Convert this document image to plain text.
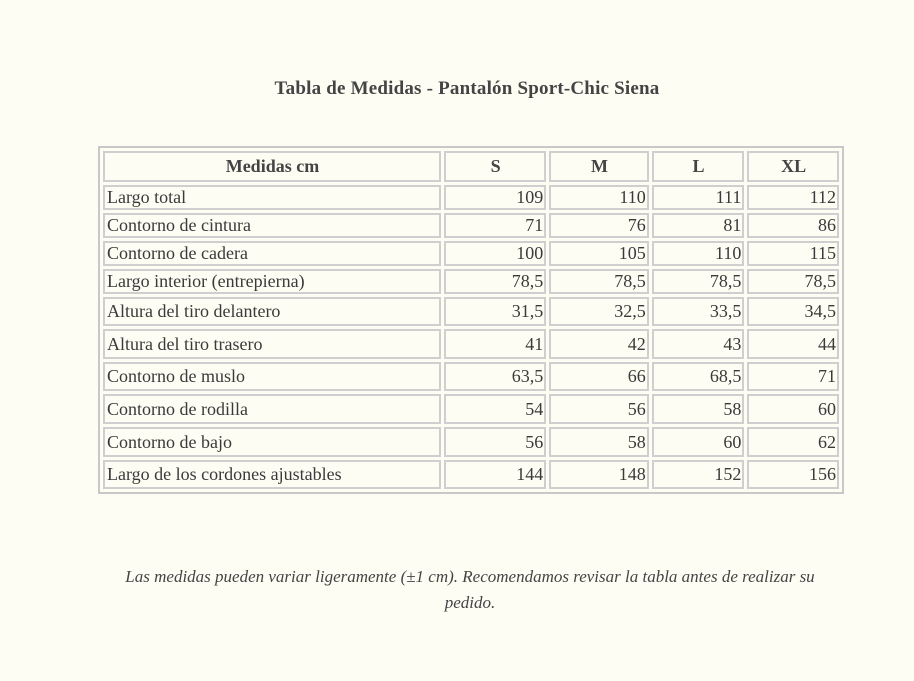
Tabla de Medidas - Pantalón Sport-Chic Siena
Medidas cm	S	M	L	XL
Largo total	109	110	111	112
Contorno de cintura	71	76	81	86
Contorno de cadera	100	105	110	115
Largo interior (entrepierna)	78,5	78,5	78,5	78,5
Altura del tiro delantero	31,5	32,5	33,5	34,5
Altura del tiro trasero	41	42	43	44
Contorno de muslo	63,5	66	68,5	71
Contorno de rodilla	54	56	58	60
Contorno de bajo	56	58	60	62
Largo de los cordones ajustables	144	148	152	156
Las medidas pueden variar ligeramente (±1 cm). Recomendamos revisar la tabla antes de realizar su pedido.
